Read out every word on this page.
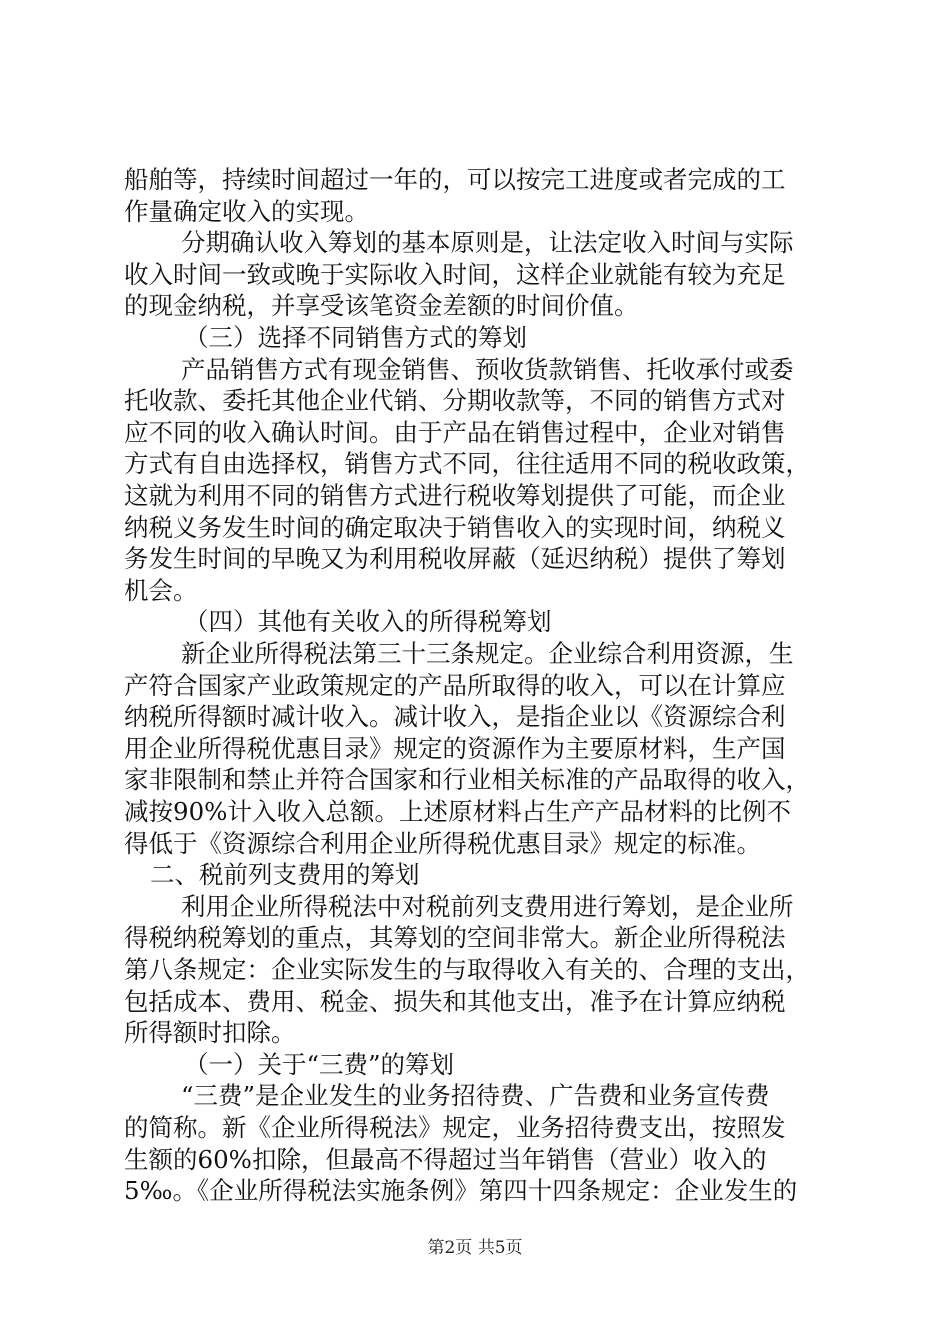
船舶等，持续时间超过一年的，可以按完工进度或者完成的工
作量确定收入的实现。
分期确认收入筹划的基本原则是，让法定收入时间与实际
收入时间一致或晚于实际收入时间，这样企业就能有较为充足
的现金纳税，并享受该笔资金差额的时间价值。
（三）选择不同销售方式的筹划
产品销售方式有现金销售、预收货款销售、托收承付或委
托收款、委托其他企业代销、分期收款等，不同的销售方式对
应不同的收入确认时间。由于产品在销售过程中，企业对销售
方式有自由选择权，销售方式不同，往往适用不同的税收政策，
这就为利用不同的销售方式进行税收筹划提供了可能，而企业
纳税义务发生时间的确定取决于销售收入的实现时间，纳税义
务发生时间的早晚又为利用税收屏蔽（延迟纳税）提供了筹划
机会。
（四）其他有关收入的所得税筹划
新企业所得税法第三十三条规定。企业综合利用资源，生
产符合国家产业政策规定的产品所取得的收入，可以在计算应
纳税所得额时减计收入。减计收入，是指企业以《资源综合利
用企业所得税优惠目录》规定的资源作为主要原材料，生产国
家非限制和禁止并符合国家和行业相关标准的产品取得的收入，
减按90%计入收入总额。上述原材料占生产产品材料的比例不
得低于《资源综合利用企业所得税优惠目录》规定的标准。
二、税前列支费用的筹划
利用企业所得税法中对税前列支费用进行筹划，是企业所
得税纳税筹划的重点，其筹划的空间非常大。新企业所得税法
第八条规定：企业实际发生的与取得收入有关的、合理的支出，
包括成本、费用、税金、损失和其他支出，准予在计算应纳税
所得额时扣除。
（一）关于“三费”的筹划
“三费”是企业发生的业务招待费、广告费和业务宣传费
的简称。新《企业所得税法》规定，业务招待费支出，按照发
生额的60%扣除，但最高不得超过当年销售（营业）收入的
5‰。《企业所得税法实施条例》第四十四条规定：企业发生的
第2页 共5页
